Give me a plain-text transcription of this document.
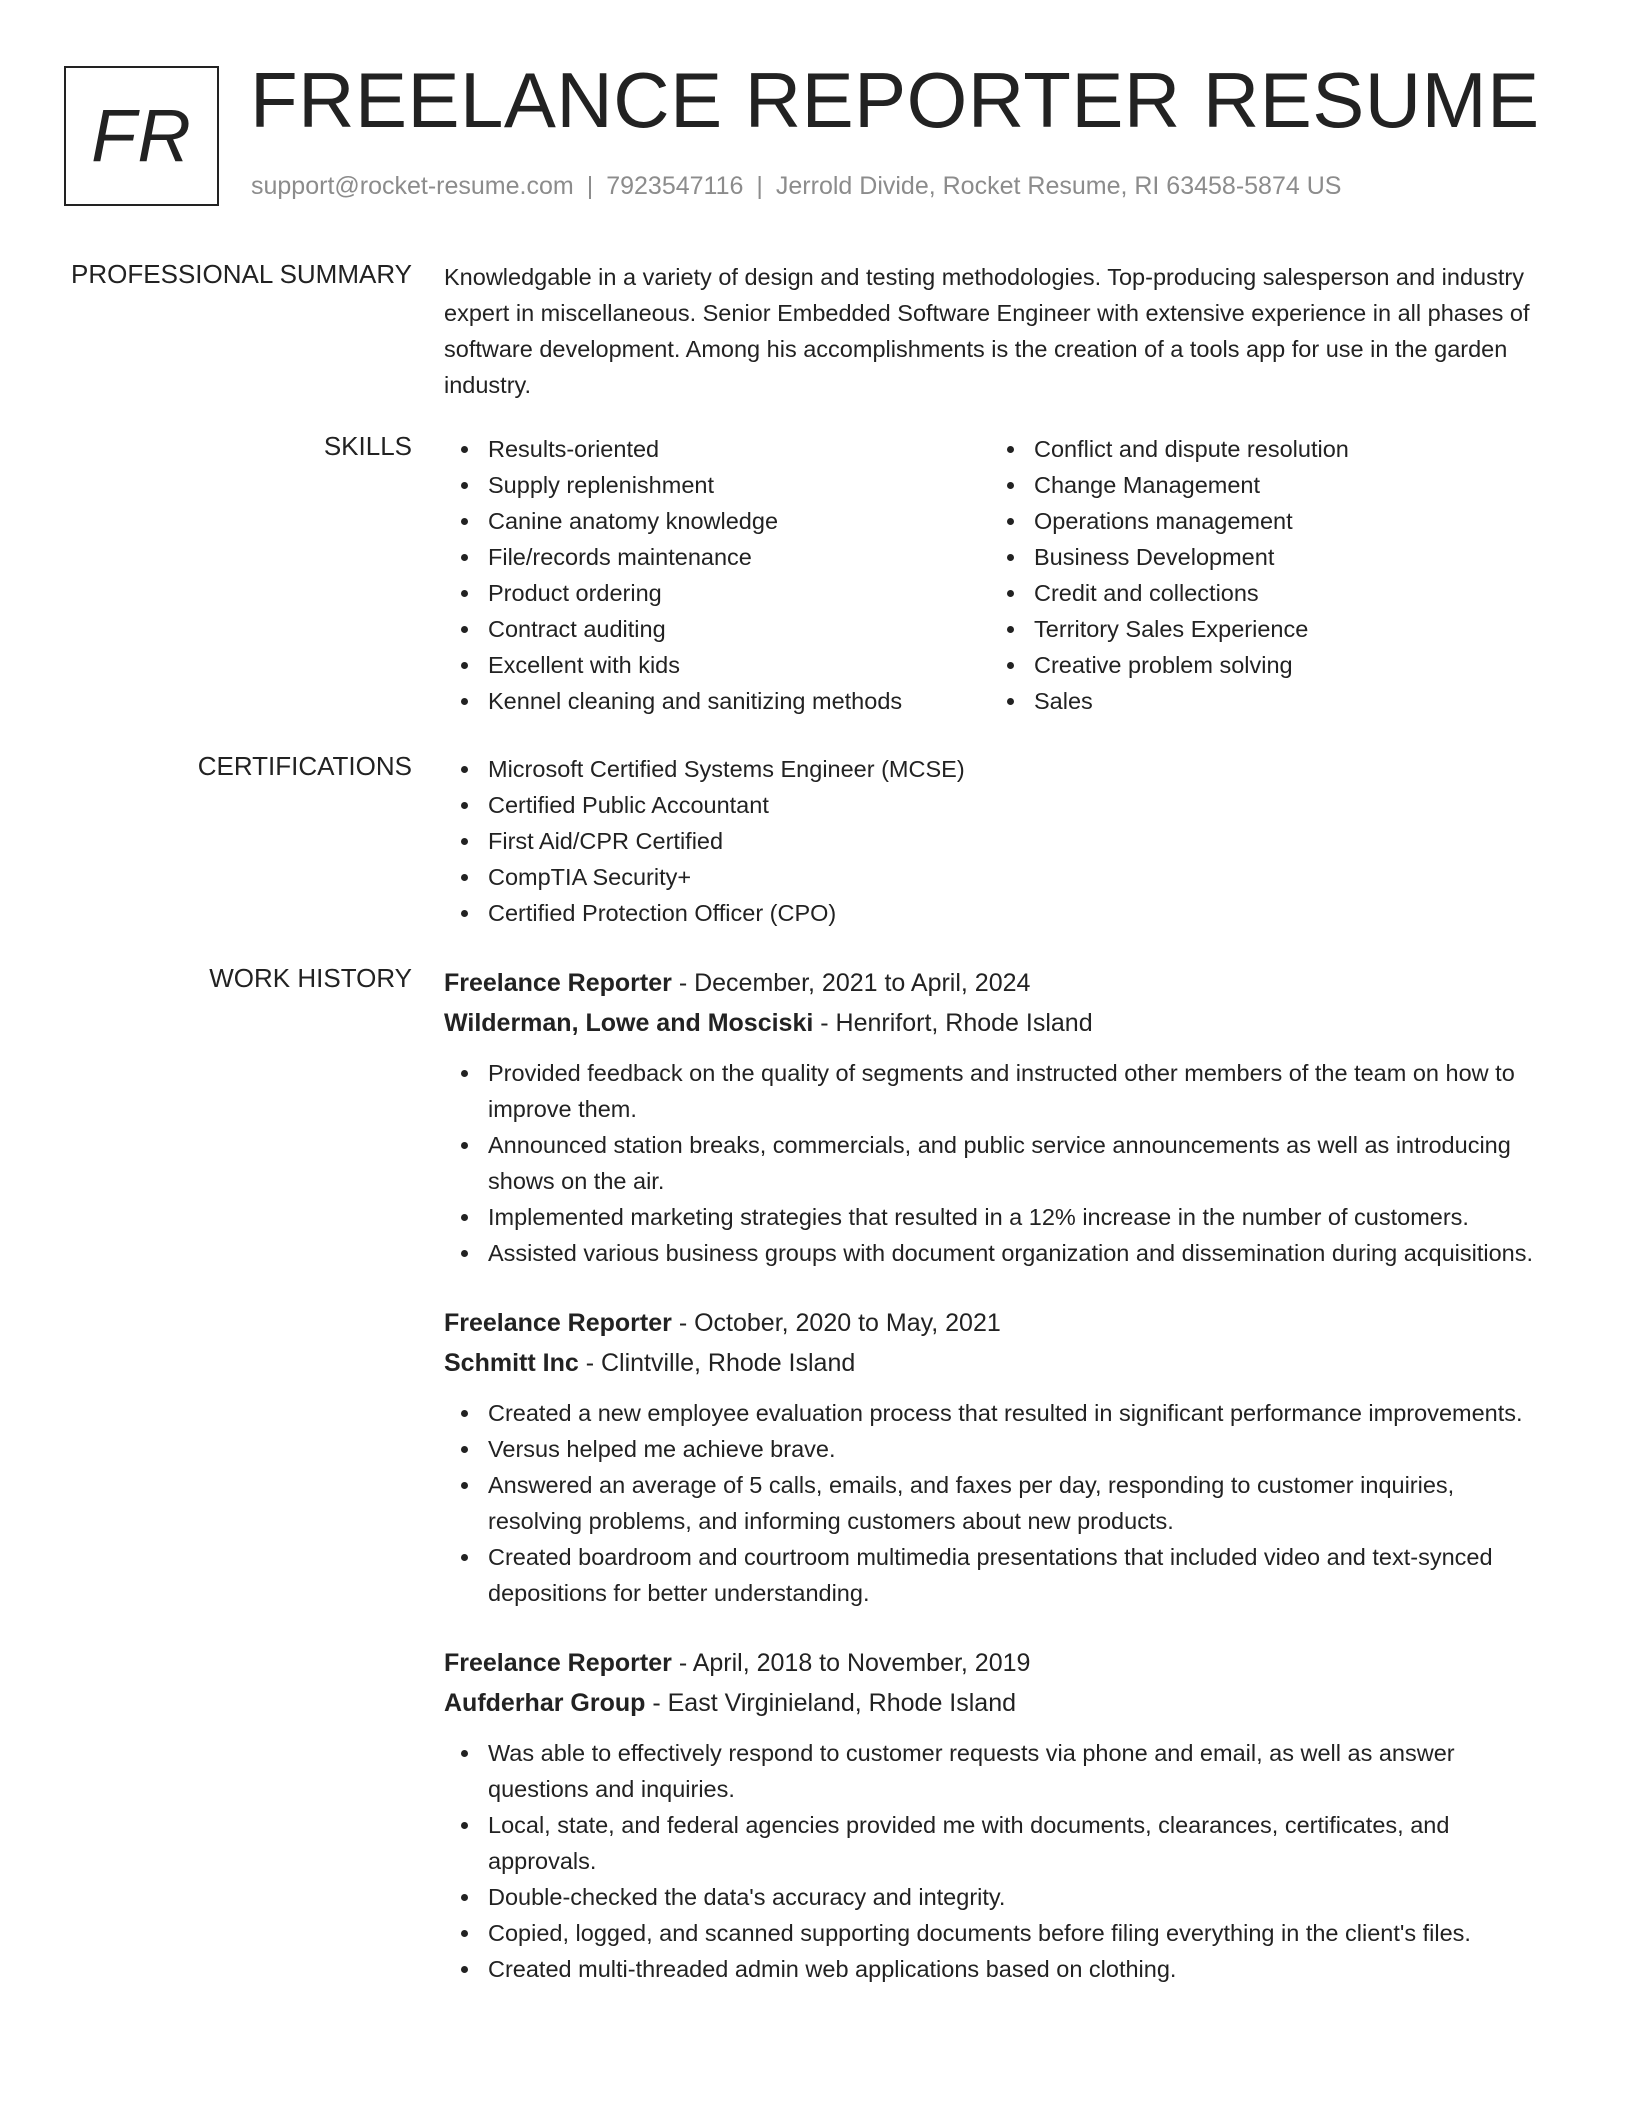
FR FREELANCE REPORTER RESUME
support@rocket-resume.com | 7923547116 | Jerrold Divide, Rocket Resume, RI 63458-5874 US
PROFESSIONAL SUMMARY Knowledgable in a variety of design and testing methodologies. Top-producing salesperson and industry expert in miscellaneous. Senior Embedded Software Engineer with extensive experience in all phases of software development. Among his accomplishments is the creation of a tools app for use in the garden industry.

SKILLS	Results-oriented
Supply replenishment
Canine anatomy knowledge
File/records maintenance
Product ordering
Contract auditing
Excellent with kids
Kennel cleaning and sanitizing methods
Conflict and dispute resolution
Change Management
Operations management
Business Development
Credit and collections
Territory Sales Experience
Creative problem solving
Sales
CERTIFICATIONS	Microsoft Certified Systems Engineer (MCSE)
Certified Public Accountant
First Aid/CPR Certified
CompTIA Security+
Certified Protection Officer (CPO)
WORK HISTORY Freelance Reporter - December, 2021 to April, 2024
Wilderman, Lowe and Mosciski - Henrifort, Rhode Island
Provided feedback on the quality of segments and instructed other members of the team on how to improve them.
Announced station breaks, commercials, and public service announcements as well as introducing shows on the air.
Implemented marketing strategies that resulted in a 12% increase in the number of customers.
Assisted various business groups with document organization and dissemination during acquisitions.
Freelance Reporter - October, 2020 to May, 2021
Schmitt Inc - Clintville, Rhode Island
Created a new employee evaluation process that resulted in significant performance improvements.
Versus helped me achieve brave.
Answered an average of 5 calls, emails, and faxes per day, responding to customer inquiries, resolving problems, and informing customers about new products.
Created boardroom and courtroom multimedia presentations that included video and text-synced depositions for better understanding.
Freelance Reporter - April, 2018 to November, 2019
Aufderhar Group - East Virginieland, Rhode Island
Was able to effectively respond to customer requests via phone and email, as well as answer questions and inquiries.
Local, state, and federal agencies provided me with documents, clearances, certificates, and approvals.
Double-checked the data's accuracy and integrity.
Copied, logged, and scanned supporting documents before filing everything in the client's files.
Created multi-threaded admin web applications based on clothing.
